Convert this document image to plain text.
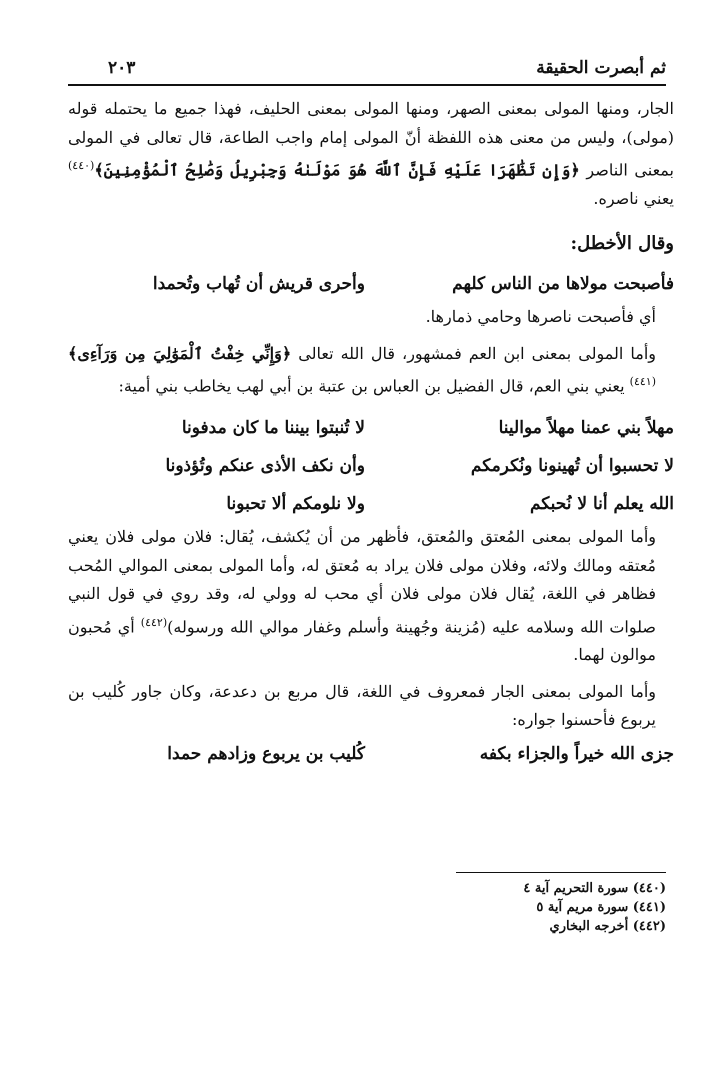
ثم أبصرت الحقيقة
٢٠٣

الجار، ومنها المولى بمعنى الصهر، ومنها المولى بمعنى الحليف، فهذا جميع ما يحتمله قوله (مولى)، وليس من معنى هذه اللفظة أنّ المولى إمام واجب الطاعة، قال تعالى في المولى بمعنى الناصر ﴿وَإِن تَظَٰهَرَا عَلَيْهِ فَإِنَّ ٱللَّهَ هُوَ مَوْلَىٰهُ وَجِبْرِيلُ وَصَٰلِحُ ٱلْمُؤْمِنِينَ﴾$^{(٤٤٠)}$ يعني ناصره.

وقال الأخطل:
فأصبحت مولاها من الناس كلهم
وأحرى قريش أن تُهاب وتُحمدا

أي فأصبحت ناصرها وحامي ذمارها.

وأما المولى بمعنى ابن العم فمشهور، قال الله تعالى ﴿وَإِنِّي خِفْتُ ٱلْمَوَٰلِيَ مِن وَرَآءِى﴾$^{(٤٤١)}$ يعني بني العم، قال الفضيل بن العباس بن عتبة بن أبي لهب يخاطب بني أمية:

مهلاً بني عمنا مهلاً موالينا
لا تُنبتوا بيننا ما كان مدفونا
لا تحسبوا أن تُهينونا ونُكرمكم
وأن نكف الأذى عنكم وتُؤذونا
الله يعلم أنا لا نُحبكم
ولا نلومكم ألا تحبونا

وأما المولى بمعنى المُعتق والمُعتق، فأظهر من أن يُكشف، يُقال: فلان مولى فلان يعني مُعتقه ومالك ولائه، وفلان مولى فلان يراد به مُعتق له، وأما المولى بمعنى الموالي المُحب فظاهر في اللغة، يُقال فلان مولى فلان أي محب له وولي له، وقد روي في قول النبي صلوات الله وسلامه عليه (مُزينة وجُهينة وأسلم وغفار موالي الله ورسوله)$^{(٤٤٢)}$ أي مُحبون موالون لهما.

وأما المولى بمعنى الجار فمعروف في اللغة، قال مربع بن دعدعة، وكان جاور كُليب بن يربوع فأحسنوا جواره:

جزى الله خيراً والجزاء بكفه
كُليب بن يربوع وزادهم حمدا
(٤٤٠) سورة التحريم آية ٤
(٤٤١) سورة مريم آية ٥
(٤٤٢) أخرجه البخاري
